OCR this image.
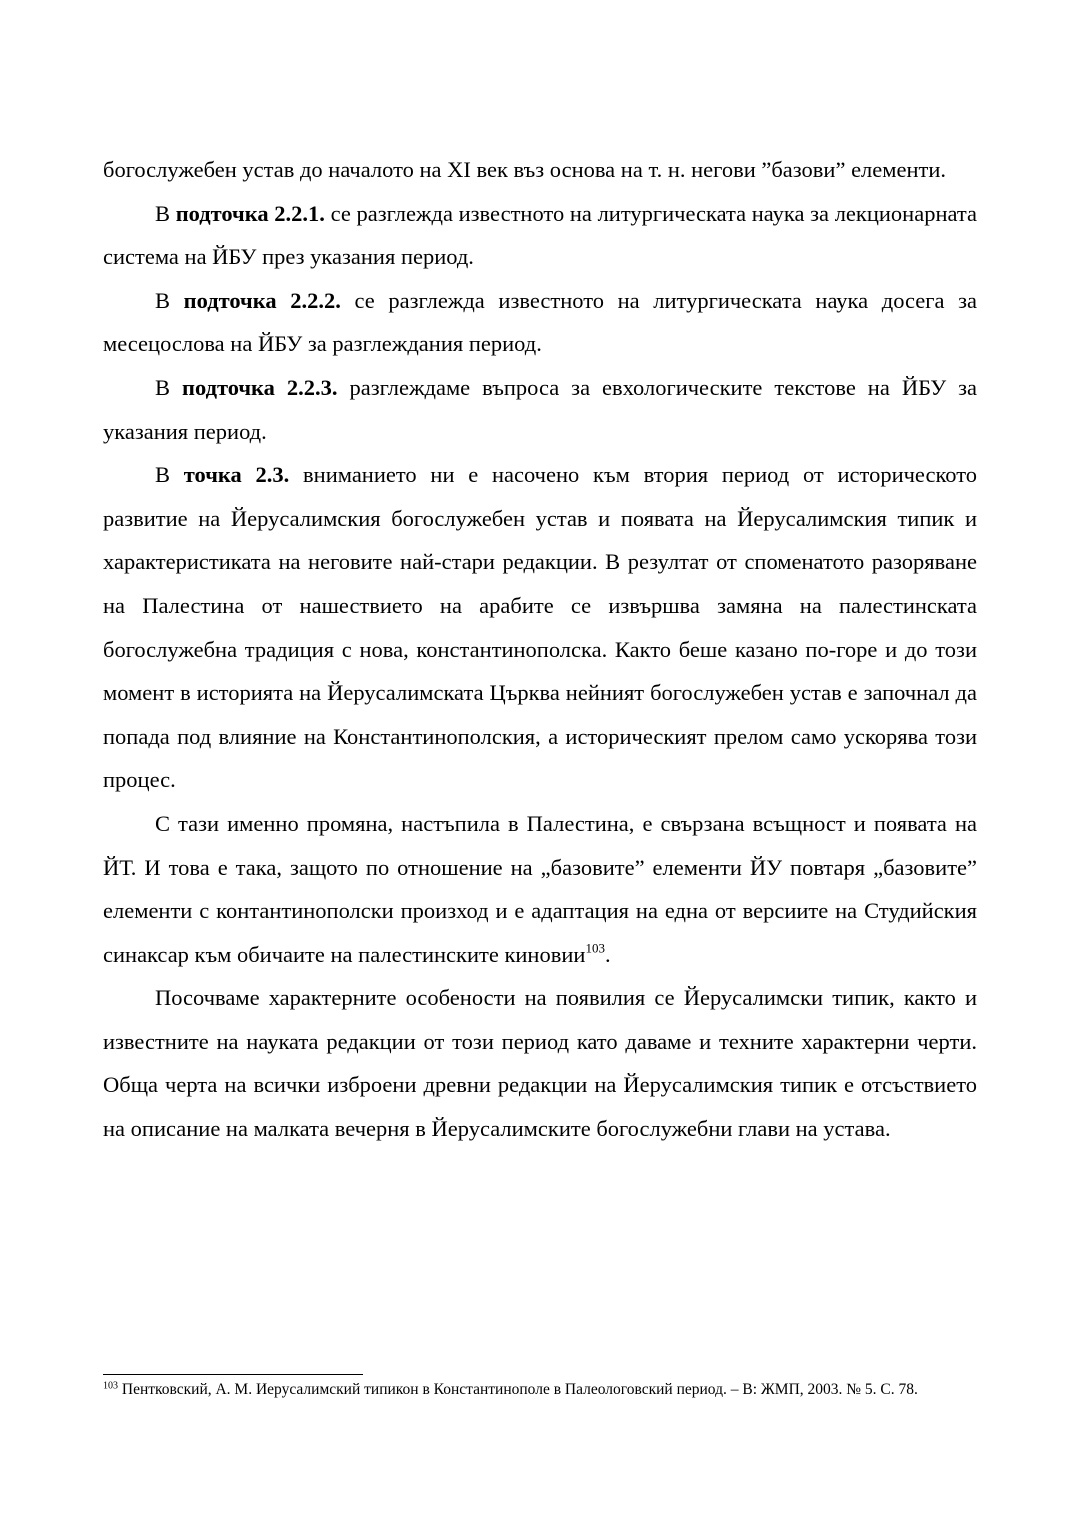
богослужебен устав до началото на XI век въз основа на т. н. негови ”базови” елементи.

В подточка 2.2.1. се разглежда известното на литургическата наука за лекционарната система на ЙБУ през указания период.

В подточка 2.2.2. се разглежда известното на литургическата наука досега за месецослова на ЙБУ за разглеждания период.

В подточка 2.2.3. разглеждаме въпроса за евхологическите текстове на ЙБУ за указания период.

В точка 2.3. вниманието ни е насочено към втория период от историческото развитие на Йерусалимския богослужебен устав и появата на Йерусалимския типик и характеристиката на неговите най-стари редакции. В резултат от споменатото разоряване на Палестина от нашествието на арабите се извършва замяна на палестинската богослужебна традиция с нова, константинополска. Както беше казано по-горе и до този момент в историята на Йерусалимската Църква нейният богослужебен устав е започнал да попада под влияние на Константинополския, а историческият прелом само ускорява този процес.

С тази именно промяна, настъпила в Палестина, е свързана всъщност и появата на ЙТ. И това е така, защото по отношение на „базовите” елементи ЙУ повтаря „базовите” елементи с контантинополски произход и е адаптация на една от версиите на Студийския синаксар към обичаите на палестинските киновии$^{103}$.

Посочваме характерните особености на появилия се Йерусалимски типик, както и известните на науката редакции от този период като даваме и техните характерни черти. Обща черта на всички изброени древни редакции на Йерусалимския типик е отсъствието на описание на малката вечерня в Йерусалимските богослужебни глави на устава.

$^{103}$ Пентковский, А. М. Иерусалимский типикон в Константинополе в Палеологовский период. – В: ЖМП, 2003. № 5. С. 78.
